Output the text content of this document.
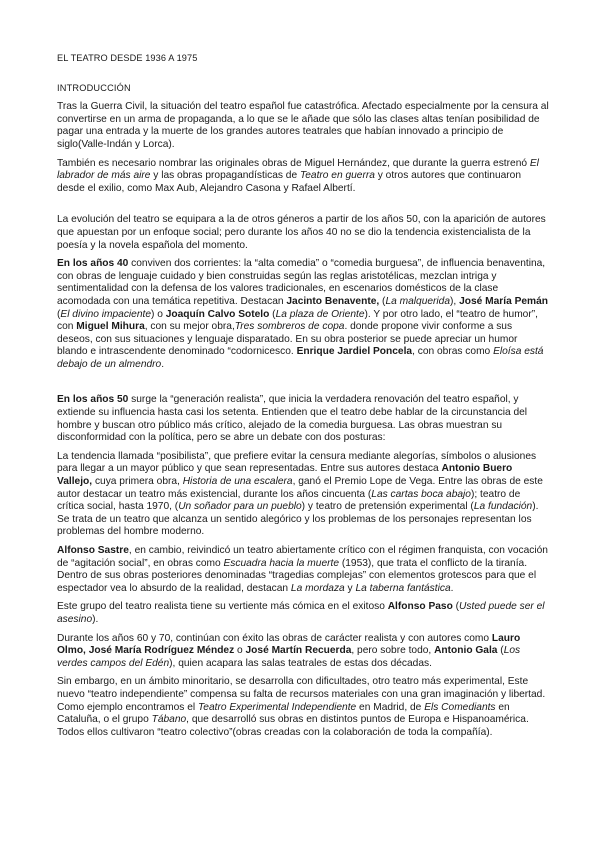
EL TEATRO DESDE 1936 A 1975
INTRODUCCIÓN

Tras la Guerra Civil, la situación del teatro español fue catastrófica. Afectado especialmente por la censura al convertirse en un arma de propaganda, a lo que se le añade que sólo las clases altas tenían posibilidad de pagar una entrada y la muerte de los grandes autores teatrales que habían innovado a principio de siglo(Valle-Indán y Lorca).

También es necesario nombrar las originales obras de Miguel Hernández, que durante la guerra estrenó El labrador de más aire y las obras propagandísticas de Teatro en guerra y otros autores que continuaron desde el exilio, como Max Aub, Alejandro Casona y Rafael Albertí.

La evolución del teatro se equipara a la de otros géneros a partir de los años 50, con la aparición de autores que apuestan por un enfoque social; pero durante los años 40 no se dio la tendencia existencialista de la poesía y la novela española del momento.

En los años 40 conviven dos corrientes: la “alta comedia” o “comedia burguesa”, de influencia benaventina, con obras de lenguaje cuidado y bien construidas según las reglas aristotélicas, mezclan intriga y sentimentalidad con la defensa de los valores tradicionales, en escenarios domésticos de la clase acomodada con una temática repetitiva. Destacan Jacinto Benavente, (La malquerida), José María Pemán (El divino impaciente) o Joaquín Calvo Sotelo (La plaza de Oriente). Y por otro lado, el “teatro de humor”, con Miguel Mihura, con su mejor obra,Tres sombreros de copa. donde propone vivir conforme a sus deseos, con sus situaciones y lenguaje disparatado. En su obra posterior se puede apreciar un humor blando e intrascendente denominado “codornicesco. Enrique Jardiel Poncela, con obras como Eloísa está debajo de un almendro.

En los años 50 surge la “generación realista”, que inicia la verdadera renovación del teatro español, y extiende su influencia hasta casi los setenta. Entienden que el teatro debe hablar de la circunstancia del hombre y buscan otro público más crítico, alejado de la comedia burguesa. Las obras muestran su disconformidad con la política, pero se abre un debate con dos posturas:

La tendencia llamada “posibilista”, que prefiere evitar la censura mediante alegorías, símbolos o alusiones para llegar a un mayor público y que sean representadas. Entre sus autores destaca Antonio Buero Vallejo, cuya primera obra, Historia de una escalera, ganó el Premio Lope de Vega. Entre las obras de este autor destacar un teatro más existencial, durante los años cincuenta (Las cartas boca abajo); teatro de crítica social, hasta 1970, (Un soñador para un pueblo) y teatro de pretensión experimental (La fundación). Se trata de un teatro que alcanza un sentido alegórico y los problemas de los personajes representan los problemas del hombre moderno.

Alfonso Sastre, en cambio, reivindicó un teatro abiertamente crítico con el régimen franquista, con vocación de “agitación social”, en obras como Escuadra hacia la muerte (1953), que trata el conflicto de la tiranía. Dentro de sus obras posteriores denominadas “tragedias complejas” con elementos grotescos para que el espectador vea lo absurdo de la realidad, destacan La mordaza y La taberna fantástica.

Este grupo del teatro realista tiene su vertiente más cómica en el exitoso Alfonso Paso (Usted puede ser el asesino).

Durante los años 60 y 70, continúan con éxito las obras de carácter realista y con autores como Lauro Olmo, José María Rodríguez Méndez o José Martín Recuerda, pero sobre todo, Antonio Gala (Los verdes campos del Edén), quien acapara las salas teatrales de estas dos décadas.

Sin embargo, en un ámbito minoritario, se desarrolla con dificultades, otro teatro más experimental, Este nuevo “teatro independiente” compensa su falta de recursos materiales con una gran imaginación y libertad. Como ejemplo encontramos el Teatro Experimental Independiente en Madrid, de Els Comediants en Cataluña, o el grupo Tábano, que desarrolló sus obras en distintos puntos de Europa e Hispanoamérica. Todos ellos cultivaron “teatro colectivo”(obras creadas con la colaboración de toda la compañía).
